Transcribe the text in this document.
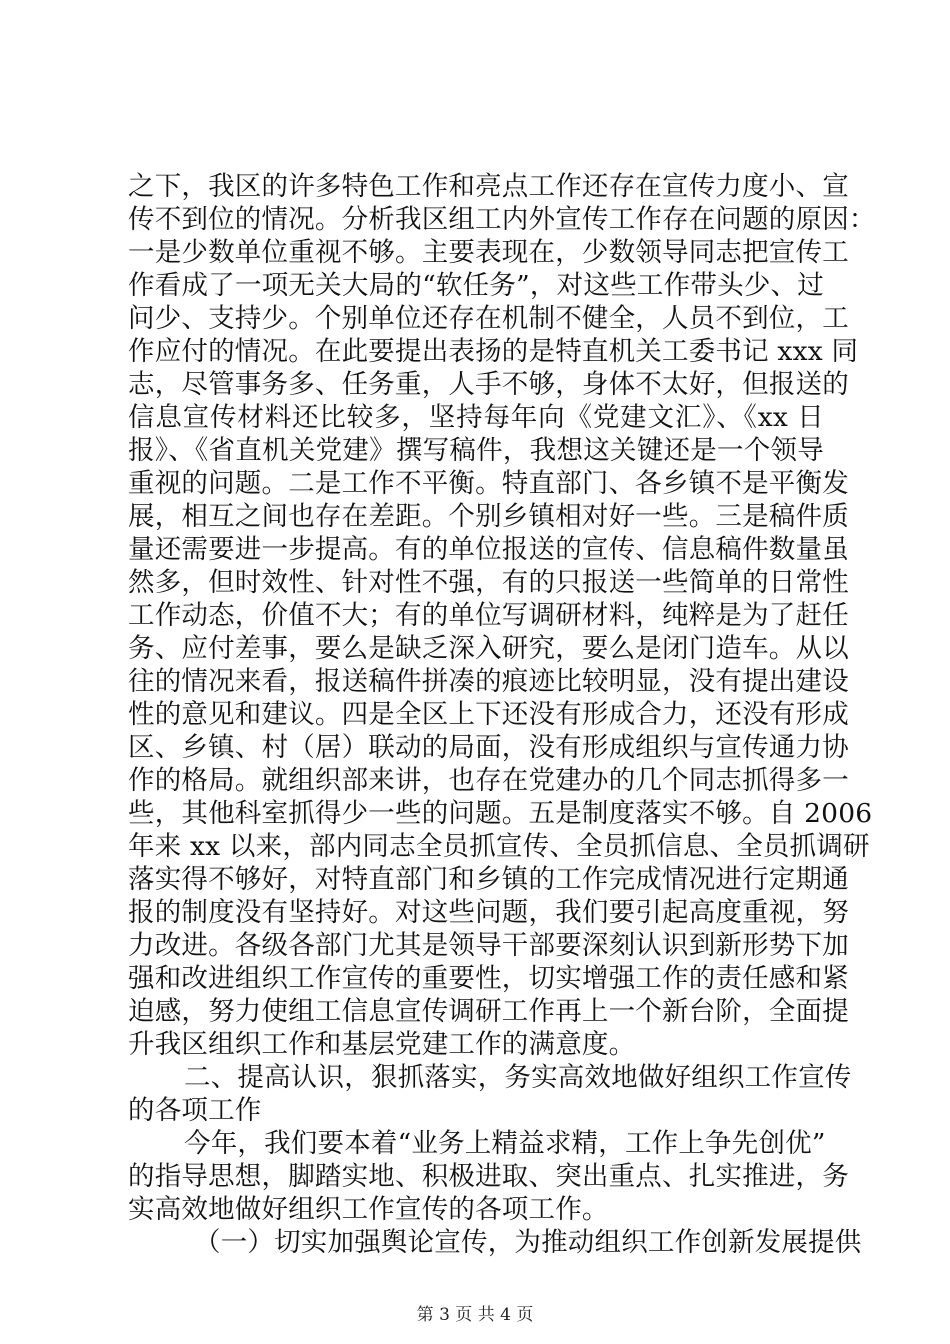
之下，我区的许多特色工作和亮点工作还存在宣传力度小、宣
传不到位的情况。分析我区组工内外宣传工作存在问题的原因：
一是少数单位重视不够。主要表现在，少数领导同志把宣传工
作看成了一项无关大局的“软任务”，对这些工作带头少、过
问少、支持少。个别单位还存在机制不健全，人员不到位，工
作应付的情况。在此要提出表扬的是特直机关工委书记 xxx 同
志，尽管事务多、任务重，人手不够，身体不太好，但报送的
信息宣传材料还比较多，坚持每年向《党建文汇》、《xx 日
报》、《省直机关党建》撰写稿件，我想这关键还是一个领导
重视的问题。二是工作不平衡。特直部门、各乡镇不是平衡发
展，相互之间也存在差距。个别乡镇相对好一些。三是稿件质
量还需要进一步提高。有的单位报送的宣传、信息稿件数量虽
然多，但时效性、针对性不强，有的只报送一些简单的日常性
工作动态，价值不大；有的单位写调研材料，纯粹是为了赶任
务、应付差事，要么是缺乏深入研究，要么是闭门造车。从以
往的情况来看，报送稿件拼凑的痕迹比较明显，没有提出建设
性的意见和建议。四是全区上下还没有形成合力，还没有形成
区、乡镇、村（居）联动的局面，没有形成组织与宣传通力协
作的格局。就组织部来讲，也存在党建办的几个同志抓得多一
些，其他科室抓得少一些的问题。五是制度落实不够。自 2006
年来 xx 以来，部内同志全员抓宣传、全员抓信息、全员抓调研
落实得不够好，对特直部门和乡镇的工作完成情况进行定期通
报的制度没有坚持好。对这些问题，我们要引起高度重视，努
力改进。各级各部门尤其是领导干部要深刻认识到新形势下加
强和改进组织工作宣传的重要性，切实增强工作的责任感和紧
迫感，努力使组工信息宣传调研工作再上一个新台阶，全面提
升我区组织工作和基层党建工作的满意度。
二、提高认识，狠抓落实，务实高效地做好组织工作宣传
的各项工作
今年，我们要本着“业务上精益求精，工作上争先创优”
的指导思想，脚踏实地、积极进取、突出重点、扎实推进，务
实高效地做好组织工作宣传的各项工作。
（一）切实加强舆论宣传，为推动组织工作创新发展提供
第 3 页 共 4 页
